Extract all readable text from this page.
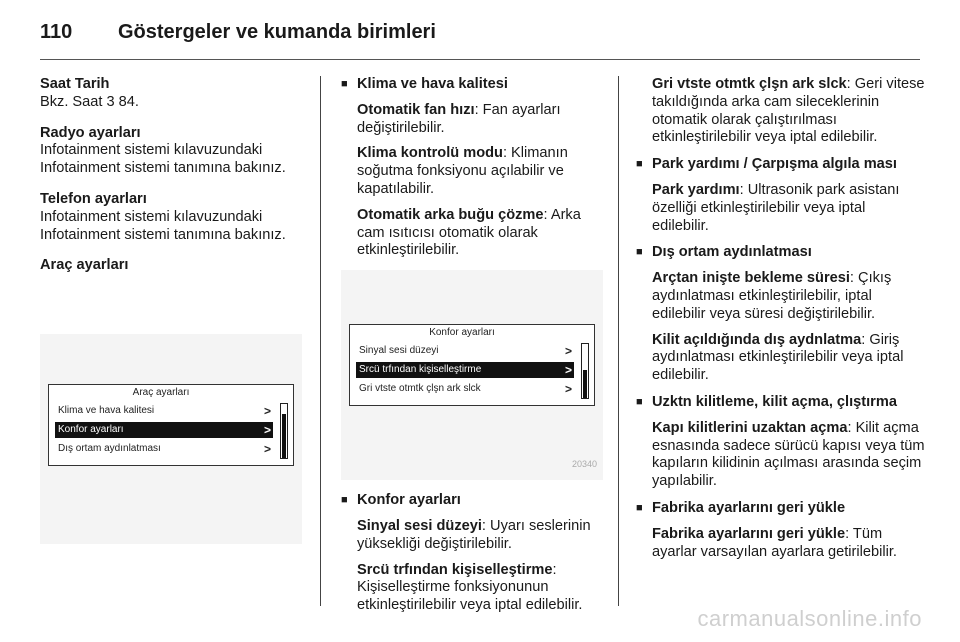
110	Göstergeler ve kumanda birimleri
Saat Tarih
Bkz. Saat 3 84.
Radyo ayarları
Infotainment sistemi kılavuzundaki Infotainment sistemi tanımına bakınız.
Telefon ayarları
Infotainment sistemi kılavuzundaki Infotainment sistemi tanımına bakınız.
Araç ayarları
Araç ayarları
Klima ve hava kalitesi	>
Konfor ayarları	>
Dış ortam aydınlatması	>
■ Klima ve hava kalitesi
Otomatik fan hızı: Fan ayarları değiştirilebilir.
Klima kontrolü modu: Klimanın soğutma fonksiyonu açılabilir ve kapatılabilir.
Otomatik arka buğu çözme: Arka cam ısıtıcısı otomatik olarak etkinleştirilebilir.
Konfor ayarları
Sinyal sesi düzeyi	>
Srcü trfından kişiselleştirme	>
Gri vtste otmtk çlşn ark slck	>
20340
■ Konfor ayarları
Sinyal sesi düzeyi: Uyarı seslerinin yüksekliği değiştirilebilir.
Srcü trfından kişiselleştirme: Kişiselleştirme fonksiyonunun etkinleştirilebilir veya iptal edilebilir.
Gri vtste otmtk çlşn ark slck: Geri vitese takıldığında arka cam sileceklerinin otomatik olarak çalıştırılması etkinleştirilebilir veya iptal edilebilir.
■ Park yardımı / Çarpışma algıla ması
Park yardımı: Ultrasonik park asistanı özelliği etkinleştirilebilir veya iptal edilebilir.
■ Dış ortam aydınlatması
Arçtan inişte bekleme süresi: Çıkış aydınlatması etkinleştirilebilir, iptal edilebilir veya süresi değiştirilebilir.
Kilit açıldığında dış aydnlatma: Giriş aydınlatması etkinleştirilebilir veya iptal edilebilir.
■ Uzktn kilitleme, kilit açma, çlıştırma
Kapı kilitlerini uzaktan açma: Kilit açma esnasında sadece sürücü kapısı veya tüm kapıların kilidinin açılması arasında seçim yapılabilir.
■ Fabrika ayarlarını geri yükle
Fabrika ayarlarını geri yükle: Tüm ayarlar varsayılan ayarlara getirilebilir.
carmanualsonline.info
